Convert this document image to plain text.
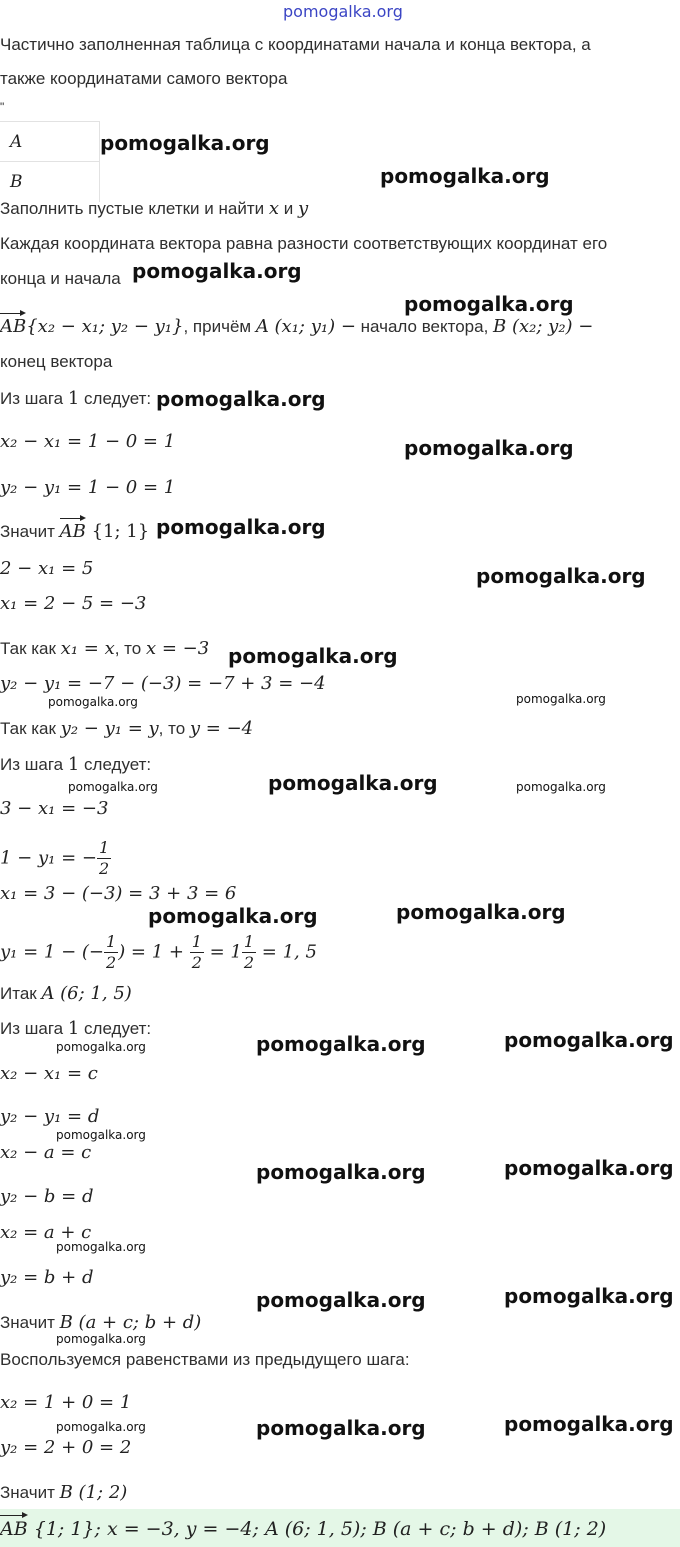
pomogalka.org
Частично заполненная таблица с координатами начала и конца вектора, а
также координатами самого вектора
"
A
B
Заполнить пустые клетки и найти x и y
Каждая координата вектора равна разности соответствующих координат его
конца и начала
AB{x₂ − x₁; y₂ − y₁}, причём A (x₁; y₁) − начало вектора, B (x₂; y₂) −
конец вектора
Из шага 1 следует:
x₂ − x₁ = 1 − 0 = 1
y₂ − y₁ = 1 − 0 = 1
Значит AB {1; 1}
2 − x₁ = 5
x₁ = 2 − 5 = −3
Так как x₁ = x, то x = −3
y₂ − y₁ = −7 − (−3) = −7 + 3 = −4
Так как y₂ − y₁ = y, то y = −4
Из шага 1 следует:
3 − x₁ = −3
1 − y₁ = − $\frac{1}{2}$
x₁ = 3 − (−3) = 3 + 3 = 6
y₁ = 1 − (− $\frac{1}{2}$ ) = $1 + \frac{1}{2} = 1 \frac{1}{2} = 1$, 5
Итак A (6; 1, 5)
Из шага 1 следует:
x₂ − x₁ = c
y₂ − y₁ = d
x₂ − a = c
y₂ − b = d
x₂ = a + c
y₂ = b + d
Значит B (a + c; b + d)
Воспользуемся равенствами из предыдущего шага:
x₂ = 1 + 0 = 1
y₂ = 2 + 0 = 2
Значит B (1; 2)
AB {1; 1}; x = −3, y = −4; A (6; 1, 5); B (a + c; b + d); B (1; 2)
pomogalka.org
pomogalka.org
pomogalka.org
pomogalka.org
pomogalka.org
pomogalka.org
pomogalka.org
pomogalka.org
pomogalka.org
pomogalka.org	pomogalka.org
pomogalka.org
pomogalka.org	pomogalka.org
pomogalka.org	pomogalka.org
pomogalka.org	pomogalka.org
pomogalka.org
pomogalka.org
pomogalka.org	pomogalka.org
pomogalka.org
pomogalka.org	pomogalka.org
pomogalka.org
pomogalka.org	pomogalka.org
pomogalka.org
